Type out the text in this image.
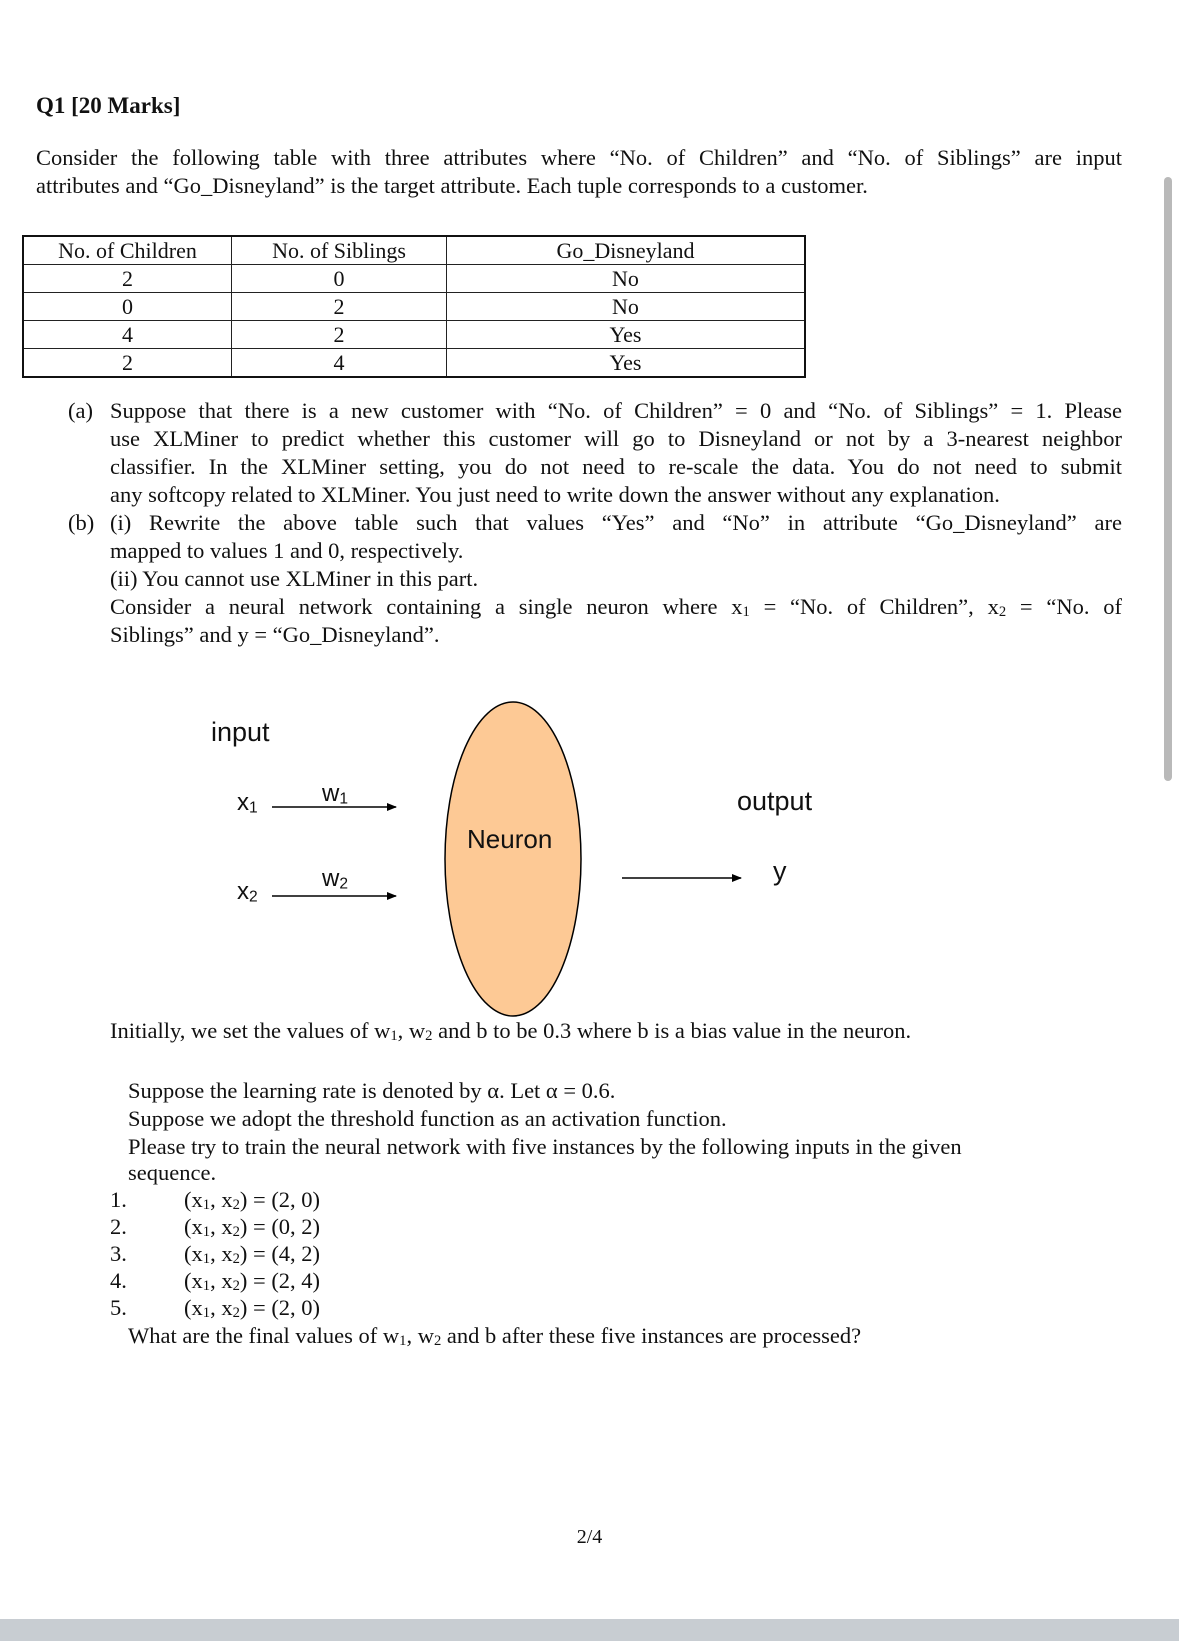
Q1 [20 Marks]
Consider the following table with three attributes where “No. of Children” and “No. of Siblings” are input
attributes and “Go_Disneyland” is the target attribute. Each tuple corresponds to a customer.
No. of Children	No. of Siblings	Go_Disneyland
2	0	No
0	2	No
4	2	Yes
2	4	Yes
(a) Suppose that there is a new customer with “No. of Children” = 0 and “No. of Siblings” = 1. Please
use XLMiner to predict whether this customer will go to Disneyland or not by a 3-nearest neighbor
classifier. In the XLMiner setting, you do not need to re-scale the data. You do not need to submit
any softcopy related to XLMiner. You just need to write down the answer without any explanation.
(b) (i) Rewrite the above table such that values “Yes” and “No” in attribute “Go_Disneyland” are
mapped to values 1 and 0, respectively.
(ii) You cannot use XLMiner in this part.
Consider a neural network containing a single neuron where x1 = “No. of Children”, x2 = “No. of
Siblings” and y = “Go_Disneyland”.
input
x1
w1
x2
w2
Neuron
output
y
Initially, we set the values of w1, w2 and b to be 0.3 where b is a bias value in the neuron.
Suppose the learning rate is denoted by α. Let α = 0.6.
Suppose we adopt the threshold function as an activation function.
Please try to train the neural network with five instances by the following inputs in the given
sequence.
1.	(x1, x2) = (2, 0)
2.	(x1, x2) = (0, 2)
3.	(x1, x2) = (4, 2)
4.	(x1, x2) = (2, 4)
5.	(x1, x2) = (2, 0)
What are the final values of w1, w2 and b after these five instances are processed?
2/4
